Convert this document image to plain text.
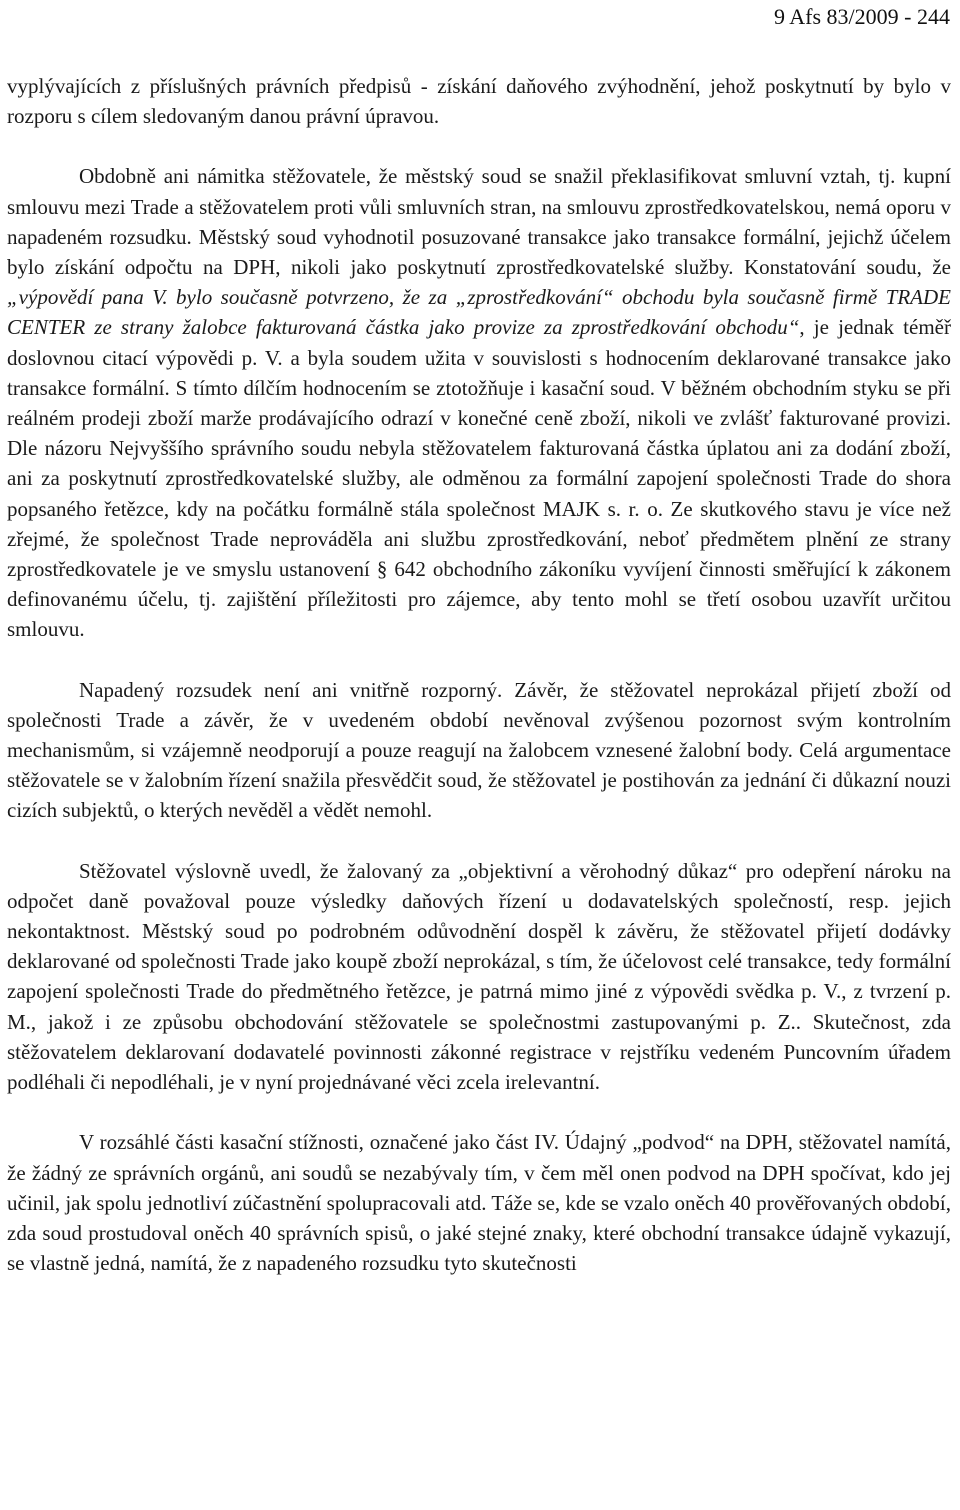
9 Afs 83/2009 - 244

vyplývajících z příslušných právních předpisů - získání daňového zvýhodnění, jehož poskytnutí by bylo v rozporu s cílem sledovaným danou právní úpravou.

Obdobně ani námitka stěžovatele, že městský soud se snažil překlasifikovat smluvní vztah, tj. kupní smlouvu mezi Trade a stěžovatelem proti vůli smluvních stran, na smlouvu zprostředkovatelskou, nemá oporu v napadeném rozsudku. Městský soud vyhodnotil posuzované transakce jako transakce formální, jejichž účelem bylo získání odpočtu na DPH, nikoli jako poskytnutí zprostředkovatelské služby. Konstatování soudu, že „výpovědí pana V. bylo současně potvrzeno, že za „zprostředkování“ obchodu byla současně firmě TRADE CENTER ze strany žalobce fakturovaná částka jako provize za zprostředkování obchodu“, je jednak téměř doslovnou citací výpovědi p. V. a byla soudem užita v souvislosti s hodnocením deklarované transakce jako transakce formální. S tímto dílčím hodnocením se ztotožňuje i kasační soud. V běžném obchodním styku se při reálném prodeji zboží marže prodávajícího odrazí v konečné ceně zboží, nikoli ve zvlášť fakturované provizi. Dle názoru Nejvyššího správního soudu nebyla stěžovatelem fakturovaná částka úplatou ani za dodání zboží, ani za poskytnutí zprostředkovatelské služby, ale odměnou za formální zapojení společnosti Trade do shora popsaného řetězce, kdy na počátku formálně stála společnost MAJK s. r. o. Ze skutkového stavu je více než zřejmé, že společnost Trade neprováděla ani službu zprostředkování, neboť předmětem plnění ze strany zprostředkovatele je ve smyslu ustanovení § 642 obchodního zákoníku vyvíjení činnosti směřující k zákonem definovanému účelu, tj. zajištění příležitosti pro zájemce, aby tento mohl se třetí osobou uzavřít určitou smlouvu.

Napadený rozsudek není ani vnitřně rozporný. Závěr, že stěžovatel neprokázal přijetí zboží od společnosti Trade a závěr, že v uvedeném období nevěnoval zvýšenou pozornost svým kontrolním mechanismům, si vzájemně neodporují a pouze reagují na žalobcem vznesené žalobní body. Celá argumentace stěžovatele se v žalobním řízení snažila přesvědčit soud, že stěžovatel je postihován za jednání či důkazní nouzi cizích subjektů, o kterých nevěděl a vědět nemohl.

Stěžovatel výslovně uvedl, že žalovaný za „objektivní a věrohodný důkaz“ pro odepření nároku na odpočet daně považoval pouze výsledky daňových řízení u dodavatelských společností, resp. jejich nekontaktnost. Městský soud po podrobném odůvodnění dospěl k závěru, že stěžovatel přijetí dodávky deklarované od společnosti Trade jako koupě zboží neprokázal, s tím, že účelovost celé transakce, tedy formální zapojení společnosti Trade do předmětného řetězce, je patrná mimo jiné z výpovědi svědka p. V., z tvrzení p. M., jakož i ze způsobu obchodování stěžovatele se společnostmi zastupovanými p. Z.. Skutečnost, zda stěžovatelem deklarovaní dodavatelé povinnosti zákonné registrace v rejstříku vedeném Puncovním úřadem podléhali či nepodléhali, je v nyní projednávané věci zcela irelevantní.

V rozsáhlé části kasační stížnosti, označené jako část IV. Údajný „podvod“ na DPH, stěžovatel namítá, že žádný ze správních orgánů, ani soudů se nezabývaly tím, v čem měl onen podvod na DPH spočívat, kdo jej učinil, jak spolu jednotliví zúčastnění spolupracovali atd. Táže se, kde se vzalo oněch 40 prověřovaných období, zda soud prostudoval oněch 40 správních spisů, o jaké stejné znaky, které obchodní transakce údajně vykazují, se vlastně jedná, namítá, že z napadeného rozsudku tyto skutečnosti
